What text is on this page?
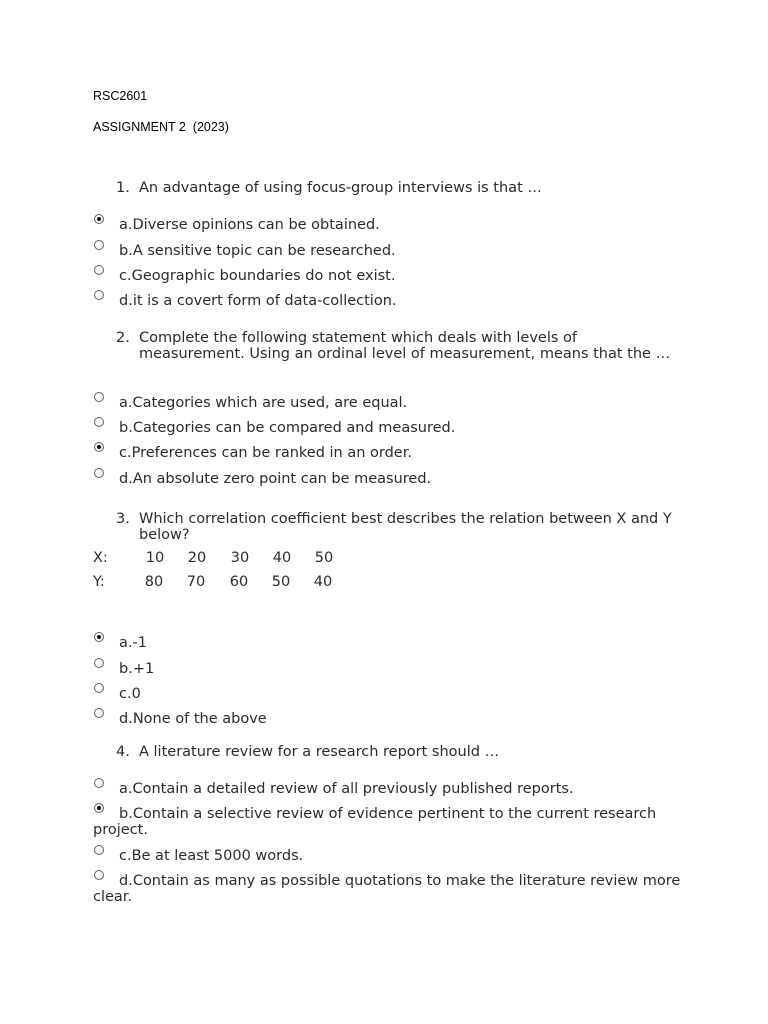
RSC2601
ASSIGNMENT 2  (2023)
1. An advantage of using focus-group interviews is that …
a.Diverse opinions can be obtained.
b.A sensitive topic can be researched.
c.Geographic boundaries do not exist.
d.it is a covert form of data-collection.
2. Complete the following statement which deals with levels of measurement. Using an ordinal level of measurement, means that the …
a.Categories which are used, are equal.
b.Categories can be compared and measured.
c.Preferences can be ranked in an order.
d.An absolute zero point can be measured.
3. Which correlation coefficient best describes the relation between X and Y below?
X:	10	20	30	40	50
Y:	80	70	60	50	40
a.-1
b.+1
c.0
d.None of the above
4. A literature review for a research report should …
a.Contain a detailed review of all previously published reports.
b.Contain a selective review of evidence pertinent to the current research project.
c.Be at least 5000 words.
d.Contain as many as possible quotations to make the literature review more clear.
